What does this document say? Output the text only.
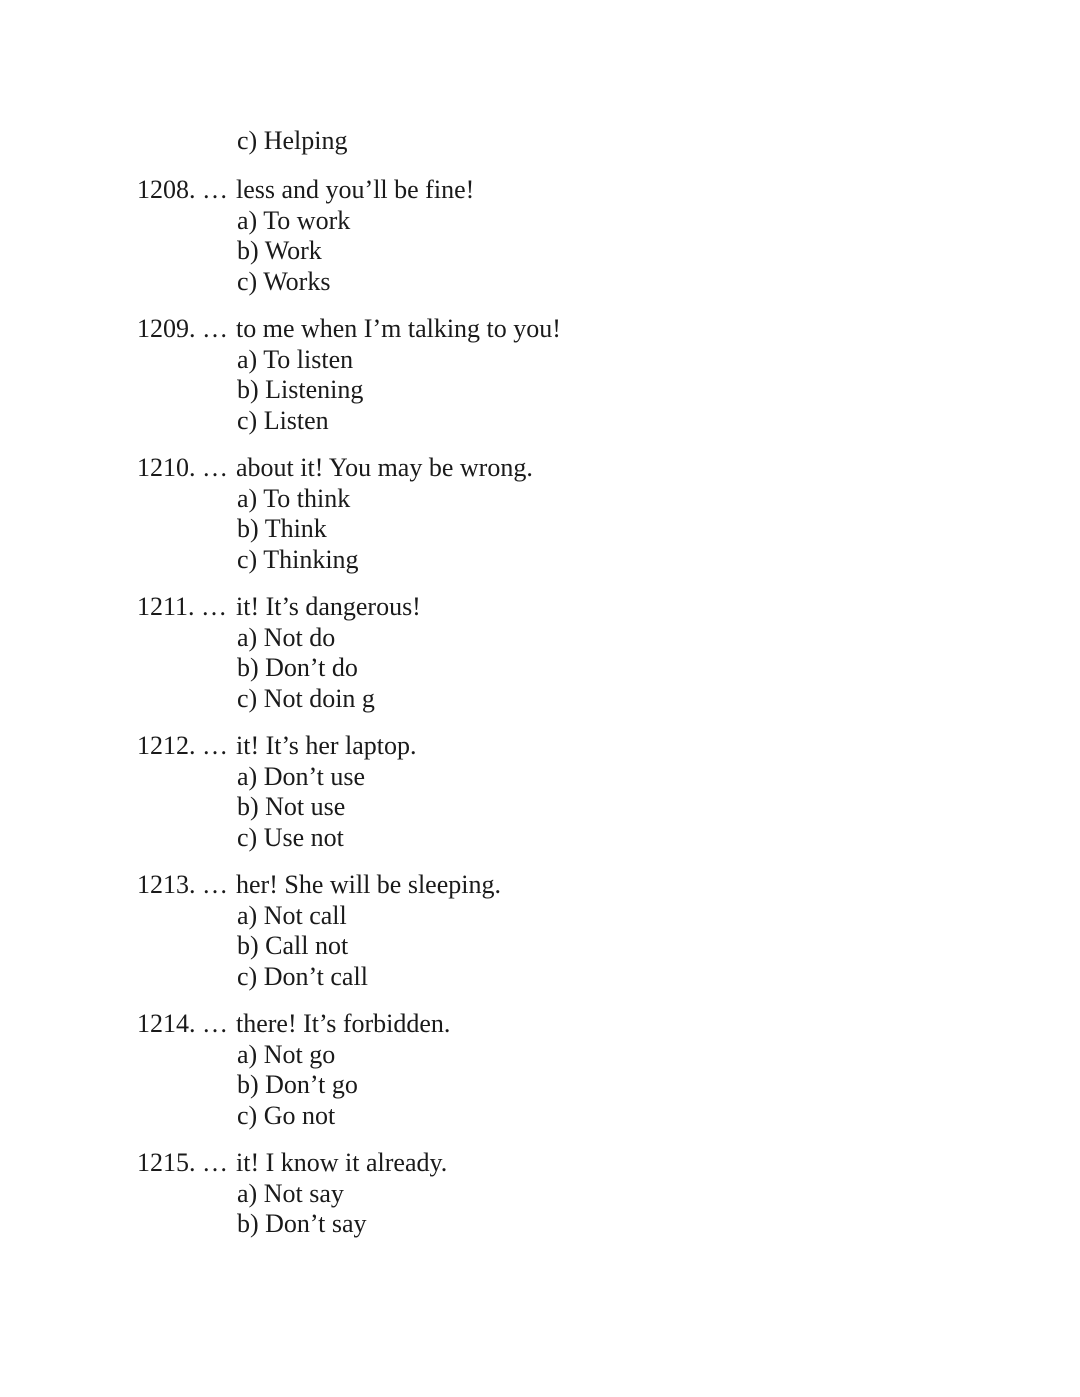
c) Helping
1208. … less and you’ll be fine!
a) To work
b) Work
c) Works
1209. … to me when I’m talking to you!
a) To listen
b) Listening
c) Listen
1210. … about it! You may be wrong.
a) To think
b) Think
c) Thinking
1211. … it! It’s dangerous!
a) Not do
b) Don’t do
c) Not doin g
1212. … it! It’s her laptop.
a) Don’t use
b) Not use
c) Use not
1213. … her! She will be sleeping.
a) Not call
b) Call not
c) Don’t call
1214. … there! It’s forbidden.
a) Not go
b) Don’t go
c) Go not
1215. … it! I know it already.
a) Not say
b) Don’t say
